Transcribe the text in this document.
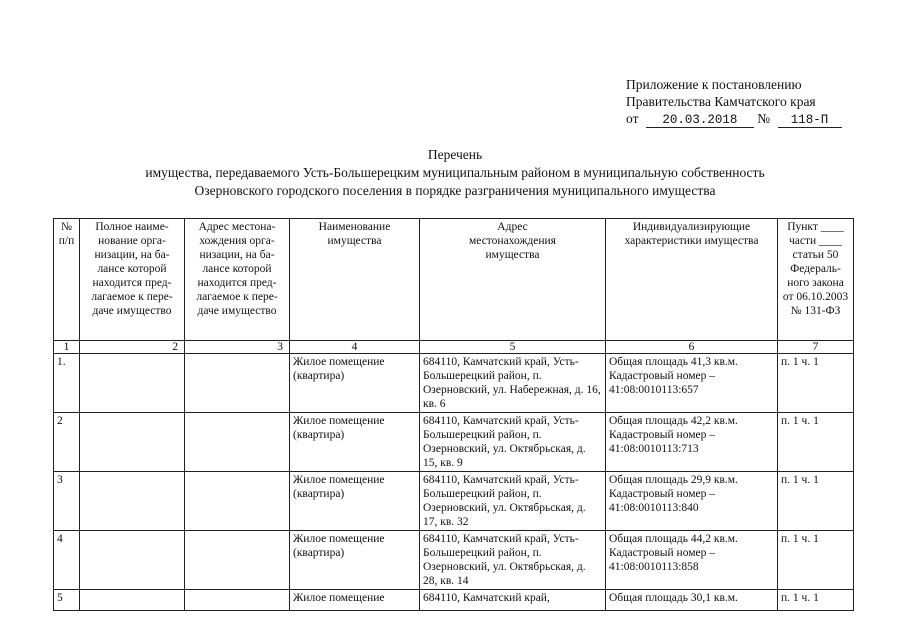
Приложение к постановлению
Правительства Камчатского края
от 20.03.2018 № 118-П
Перечень
имущества, передаваемого Усть-Большерецким муниципальным районом в муниципальную собственность
Озерновского городского поселения в порядке разграничения муниципального имущества
№ п/п	Полное наиме-нование орга-низации, на ба-лансе которой находится пред-лагаемое к пере-даче имущество	Адрес местона-хождения орга-низации, на ба-лансе которой находится пред-лагаемое к пере-даче имущество	Наименование имущества	Адрес местонахождения имущества	Индивидуализирующие характеристики имущества	Пункт ____ части ____ статьи 50 Федераль-ного закона от 06.10.2003 № 131-ФЗ
1	2	3	4	5	6	7
1.			Жилое помещение (квартира)	684110, Камчатский край, Усть-Большерецкий район, п. Озерновский, ул. Набережная, д. 16, кв. 6	Общая площадь 41,3 кв.м. Кадастровый номер – 41:08:0010113:657	п. 1 ч. 1
2			Жилое помещение (квартира)	684110, Камчатский край, Усть-Большерецкий район, п. Озерновский, ул. Октябрьская, д. 15, кв. 9	Общая площадь 42,2 кв.м. Кадастровый номер – 41:08:0010113:713	п. 1 ч. 1
3			Жилое помещение (квартира)	684110, Камчатский край, Усть-Большерецкий район, п. Озерновский, ул. Октябрьская, д. 17, кв. 32	Общая площадь 29,9 кв.м. Кадастровый номер – 41:08:0010113:840	п. 1 ч. 1
4			Жилое помещение (квартира)	684110, Камчатский край, Усть-Большерецкий район, п. Озерновский, ул. Октябрьская, д. 28, кв. 14	Общая площадь 44,2 кв.м. Кадастровый номер – 41:08:0010113:858	п. 1 ч. 1
5			Жилое помещение	684110, Камчатский край,	Общая площадь 30,1 кв.м.	п. 1 ч. 1
